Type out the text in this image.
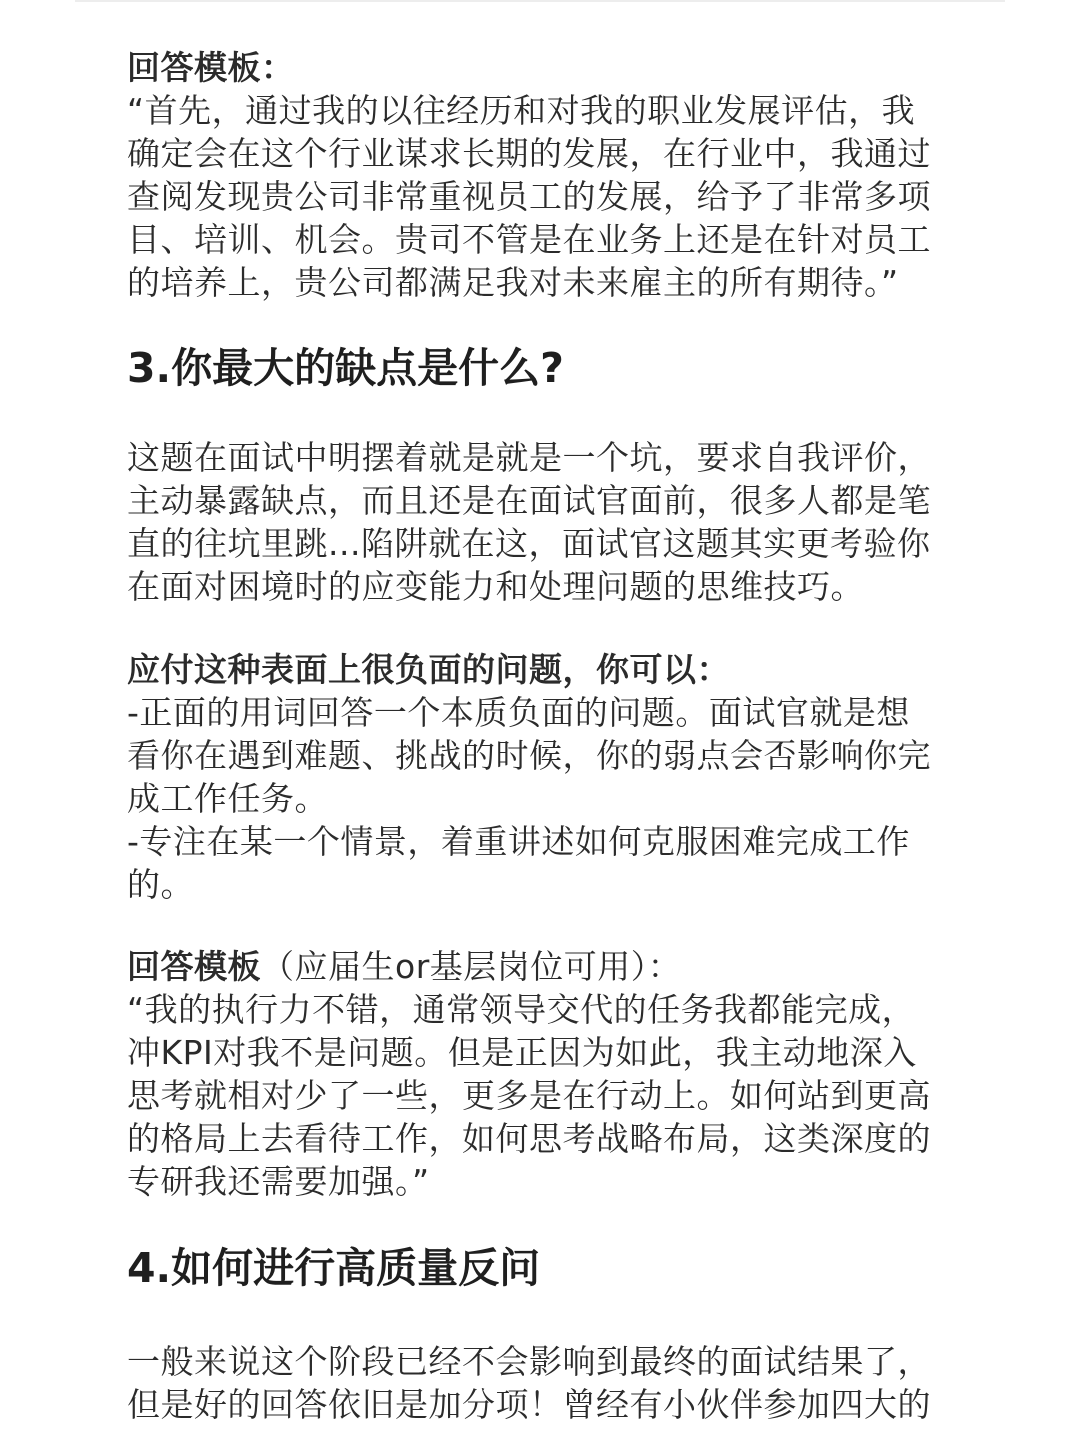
回答模板：
“首先，通过我的以往经历和对我的职业发展评估，我
确定会在这个行业谋求长期的发展，在行业中，我通过
查阅发现贵公司非常重视员工的发展，给予了非常多项
目、培训、机会。贵司不管是在业务上还是在针对员工
的培养上，贵公司都满足我对未来雇主的所有期待。”
3.你最大的缺点是什么?
这题在面试中明摆着就是就是一个坑，要求自我评价，
主动暴露缺点，而且还是在面试官面前，很多人都是笔
直的往坑里跳...陷阱就在这，面试官这题其实更考验你
在面对困境时的应变能力和处理问题的思维技巧。
应付这种表面上很负面的问题，你可以：
-正面的用词回答一个本质负面的问题。面试官就是想
看你在遇到难题、挑战的时候，你的弱点会否影响你完
成工作任务。
-专注在某一个情景，着重讲述如何克服困难完成工作
的。
回答模板（应届生or基层岗位可用）：
“我的执行力不错，通常领导交代的任务我都能完成，
冲KPI对我不是问题。但是正因为如此，我主动地深入
思考就相对少了一些，更多是在行动上。如何站到更高
的格局上去看待工作，如何思考战略布局，这类深度的
专研我还需要加强。”
4.如何进行高质量反问
一般来说这个阶段已经不会影响到最终的面试结果了，
但是好的回答依旧是加分项！曾经有小伙伴参加四大的
